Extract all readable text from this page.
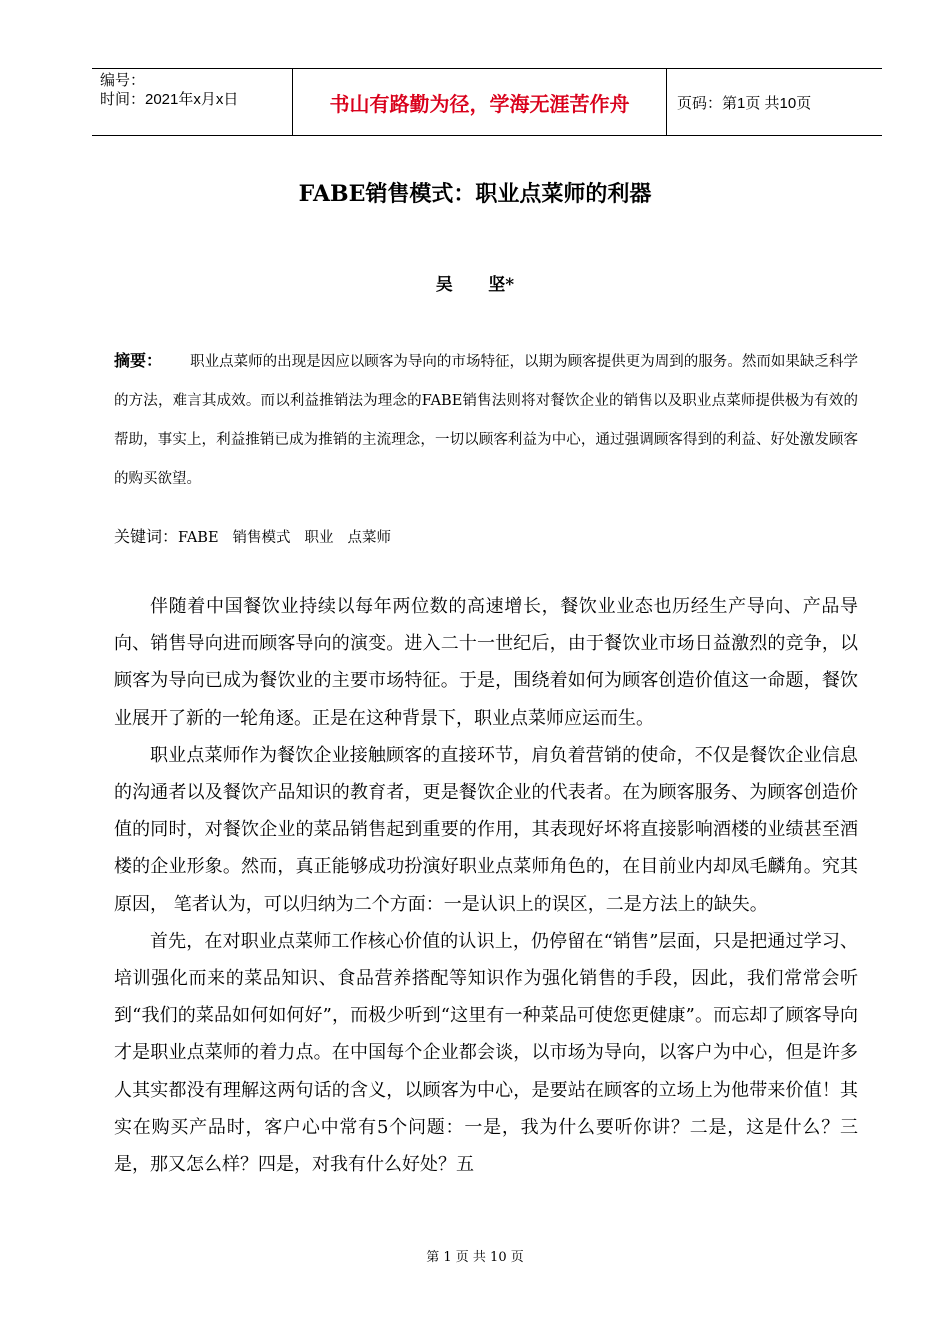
编号：
时间：2021年x月x日	书山有路勤为径，学海无涯苦作舟	页码：第1页 共10页
FABE销售模式：职业点菜师的利器
吴      坚*
摘要： 职业点菜师的出现是因应以顾客为导向的市场特征，以期为顾客提供更为周到的服务。然而如果缺乏科学的方法，难言其成效。而以利益推销法为理念的FABE销售法则将对餐饮企业的销售以及职业点菜师提供极为有效的帮助，事实上，利益推销已成为推销的主流理念，一切以顾客利益为中心，通过强调顾客得到的利益、好处激发顾客的购买欲望。
关键词：FABE 销售模式 职业 点菜师

伴随着中国餐饮业持续以每年两位数的高速增长，餐饮业业态也历经生产导向、产品导向、销售导向进而顾客导向的演变。进入二十一世纪后，由于餐饮业市场日益激烈的竞争，以顾客为导向已成为餐饮业的主要市场特征。于是，围绕着如何为顾客创造价值这一命题，餐饮业展开了新的一轮角逐。正是在这种背景下，职业点菜师应运而生。

职业点菜师作为餐饮企业接触顾客的直接环节，肩负着营销的使命，不仅是餐饮企业信息的沟通者以及餐饮产品知识的教育者，更是餐饮企业的代表者。在为顾客服务、为顾客创造价值的同时，对餐饮企业的菜品销售起到重要的作用，其表现好坏将直接影响酒楼的业绩甚至酒楼的企业形象。然而，真正能够成功扮演好职业点菜师角色的，在目前业内却凤毛麟角。究其原因， 笔者认为，可以归纳为二个方面：一是认识上的误区，二是方法上的缺失。

首先，在对职业点菜师工作核心价值的认识上，仍停留在“销售”层面，只是把通过学习、培训强化而来的菜品知识、食品营养搭配等知识作为强化销售的手段，因此，我们常常会听到“我们的菜品如何如何好”，而极少听到“这里有一种菜品可使您更健康”。而忘却了顾客导向才是职业点菜师的着力点。在中国每个企业都会谈，以市场为导向，以客户为中心，但是许多人其实都没有理解这两句话的含义，以顾客为中心，是要站在顾客的立场上为他带来价值！其实在购买产品时，客户心中常有5个问题：一是，我为什么要听你讲？二是，这是什么？三是，那又怎么样？四是，对我有什么好处？五

第 1 页 共 10 页
